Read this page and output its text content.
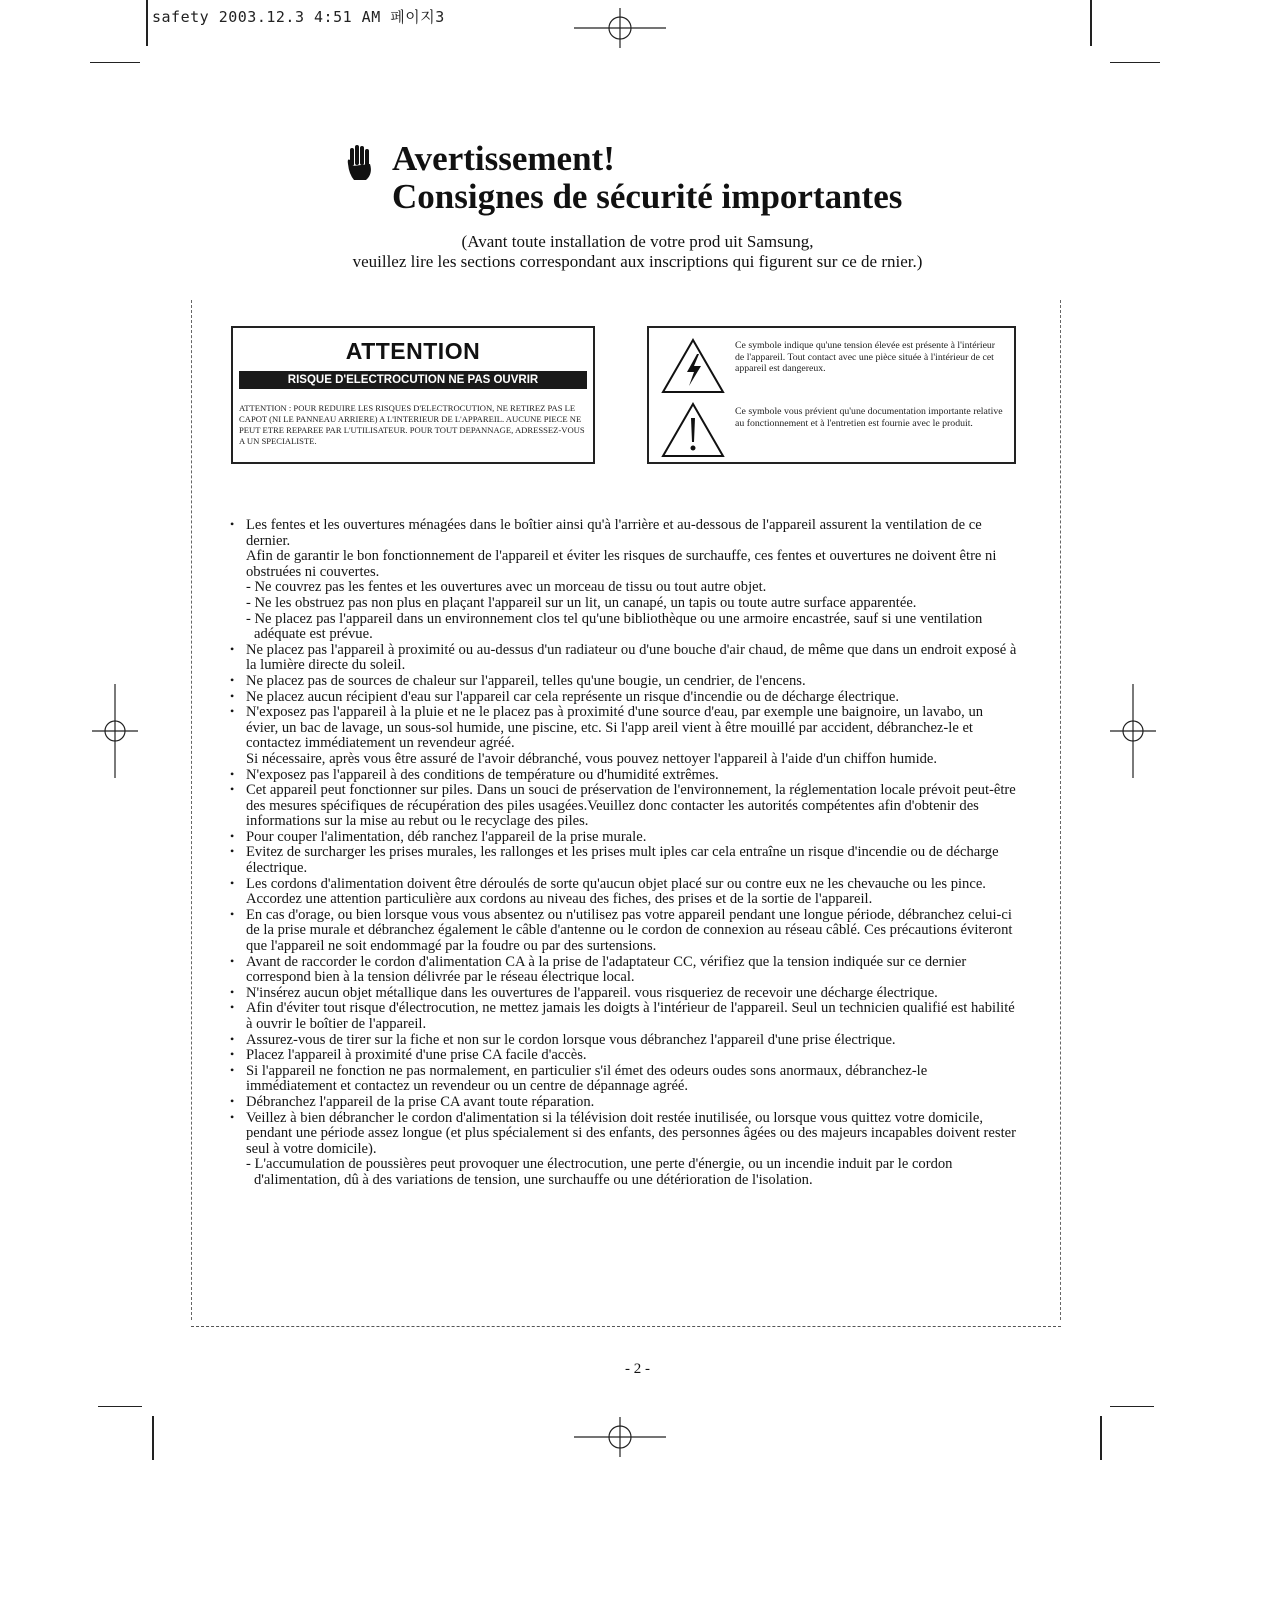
safety 2003.12.3 4:51 AM 페이지3

Avertissement!

Consignes de sécurité importantes

(Avant toute installation de votre prod uit Samsung,
veuillez lire les sections correspondant aux inscriptions qui figurent sur ce de rnier.)
ATTENTION
RISQUE D'ELECTROCUTION NE PAS OUVRIR
ATTENTION : POUR REDUIRE LES RISQUES D'ELECTROCUTION, NE RETIREZ PAS LE CAPOT (NI LE PANNEAU ARRIERE) A L'INTERIEUR DE L'APPAREIL. AUCUNE PIECE NE PEUT ETRE REPAREE PAR L'UTILISATEUR. POUR TOUT DEPANNAGE, ADRESSEZ-VOUS A UN SPECIALISTE.
Ce symbole indique qu'une tension élevée est présente à l'intérieur de l'appareil. Tout contact avec une pièce située à l'intérieur de cet appareil est dangereux.
Ce symbole vous prévient qu'une documentation importante relative au fonctionnement et à l'entretien est fournie avec le produit.
• Les fentes et les ouvertures ménagées dans le boîtier ainsi qu'à l'arrière et au-dessous de l'appareil assurent la ventilation de ce dernier.
Afin de garantir le bon fonctionnement de l'appareil et éviter les risques de surchauffe, ces fentes et ouvertures ne doivent être ni obstruées ni couvertes.
- Ne couvrez pas les fentes et les ouvertures avec un morceau de tissu ou tout autre objet.
- Ne les obstruez pas non plus en plaçant l'appareil sur un lit, un canapé, un tapis ou toute autre surface apparentée.
- Ne placez pas l'appareil dans un environnement clos tel qu'une bibliothèque ou une armoire encastrée, sauf si une ventilation adéquate est prévue.
• Ne placez pas l'appareil à proximité ou au-dessus d'un radiateur ou d'une bouche d'air chaud, de même que dans un endroit exposé à la lumière directe du soleil.
• Ne placez pas de sources de chaleur sur l'appareil, telles qu'une bougie, un cendrier, de l'encens.
• Ne placez aucun récipient d'eau sur l'appareil car cela représente un risque d'incendie ou de décharge électrique.
• N'exposez pas l'appareil à la pluie et ne le placez pas à proximité d'une source d'eau, par exemple une baignoire, un lavabo, un évier, un bac de lavage, un sous-sol humide, une piscine, etc. Si l'app areil vient à être mouillé par accident, débranchez-le et contactez immédiatement un revendeur agréé.
Si nécessaire, après vous être assuré de l'avoir débranché, vous pouvez nettoyer l'appareil à l'aide d'un chiffon humide.
• N'exposez pas l'appareil à des conditions de température ou d'humidité extrêmes.
• Cet appareil peut fonctionner sur piles. Dans un souci de préservation de l'environnement, la réglementation locale prévoit peut-être des mesures spécifiques de récupération des piles usagées.Veuillez donc contacter les autorités compétentes afin d'obtenir des informations sur la mise au rebut ou le recyclage des piles.
• Pour couper l'alimentation, déb ranchez l'appareil de la prise murale.
• Evitez de surcharger les prises murales, les rallonges et les prises mult iples car cela entraîne un risque d'incendie ou de décharge électrique.
• Les cordons d'alimentation doivent être déroulés de sorte qu'aucun objet placé sur ou contre eux ne les chevauche ou les pince. Accordez une attention particulière aux cordons au niveau des fiches, des prises et de la sortie de l'appareil.
• En cas d'orage, ou bien lorsque vous vous absentez ou n'utilisez pas votre appareil pendant une longue période, débranchez celui-ci de la prise murale et débranchez également le câble d'antenne ou le cordon de connexion au réseau câblé. Ces précautions éviteront que l'appareil ne soit endommagé par la foudre ou par des surtensions.
• Avant de raccorder le cordon d'alimentation CA à la prise de l'adaptateur CC, vérifiez que la tension indiquée sur ce dernier correspond bien à la tension délivrée par le réseau électrique local.
• N'insérez aucun objet métallique dans les ouvertures de l'appareil. vous risqueriez de recevoir une décharge électrique.
• Afin d'éviter tout risque d'électrocution, ne mettez jamais les doigts à l'intérieur de l'appareil. Seul un technicien qualifié est habilité à ouvrir le boîtier de l'appareil.
• Assurez-vous de tirer sur la fiche et non sur le cordon lorsque vous débranchez l'appareil d'une prise électrique.
• Placez l'appareil à proximité d'une prise CA facile d'accès.
• Si l'appareil ne fonction ne pas normalement, en particulier s'il émet des odeurs oudes sons anormaux, débranchez-le immédiatement et contactez un revendeur ou un centre de dépannage agréé.
• Débranchez l'appareil de la prise CA avant toute réparation.
• Veillez à bien débrancher le cordon d'alimentation si la télévision doit restée inutilisée, ou lorsque vous quittez votre domicile, pendant une période assez longue (et plus spécialement si des enfants, des personnes âgées ou des majeurs incapables doivent rester seul à votre domicile).
- L'accumulation de poussières peut provoquer une électrocution, une perte d'énergie, ou un incendie induit par le cordon d'alimentation, dû à des variations de tension, une surchauffe ou une détérioration de l'isolation.
- 2 -
